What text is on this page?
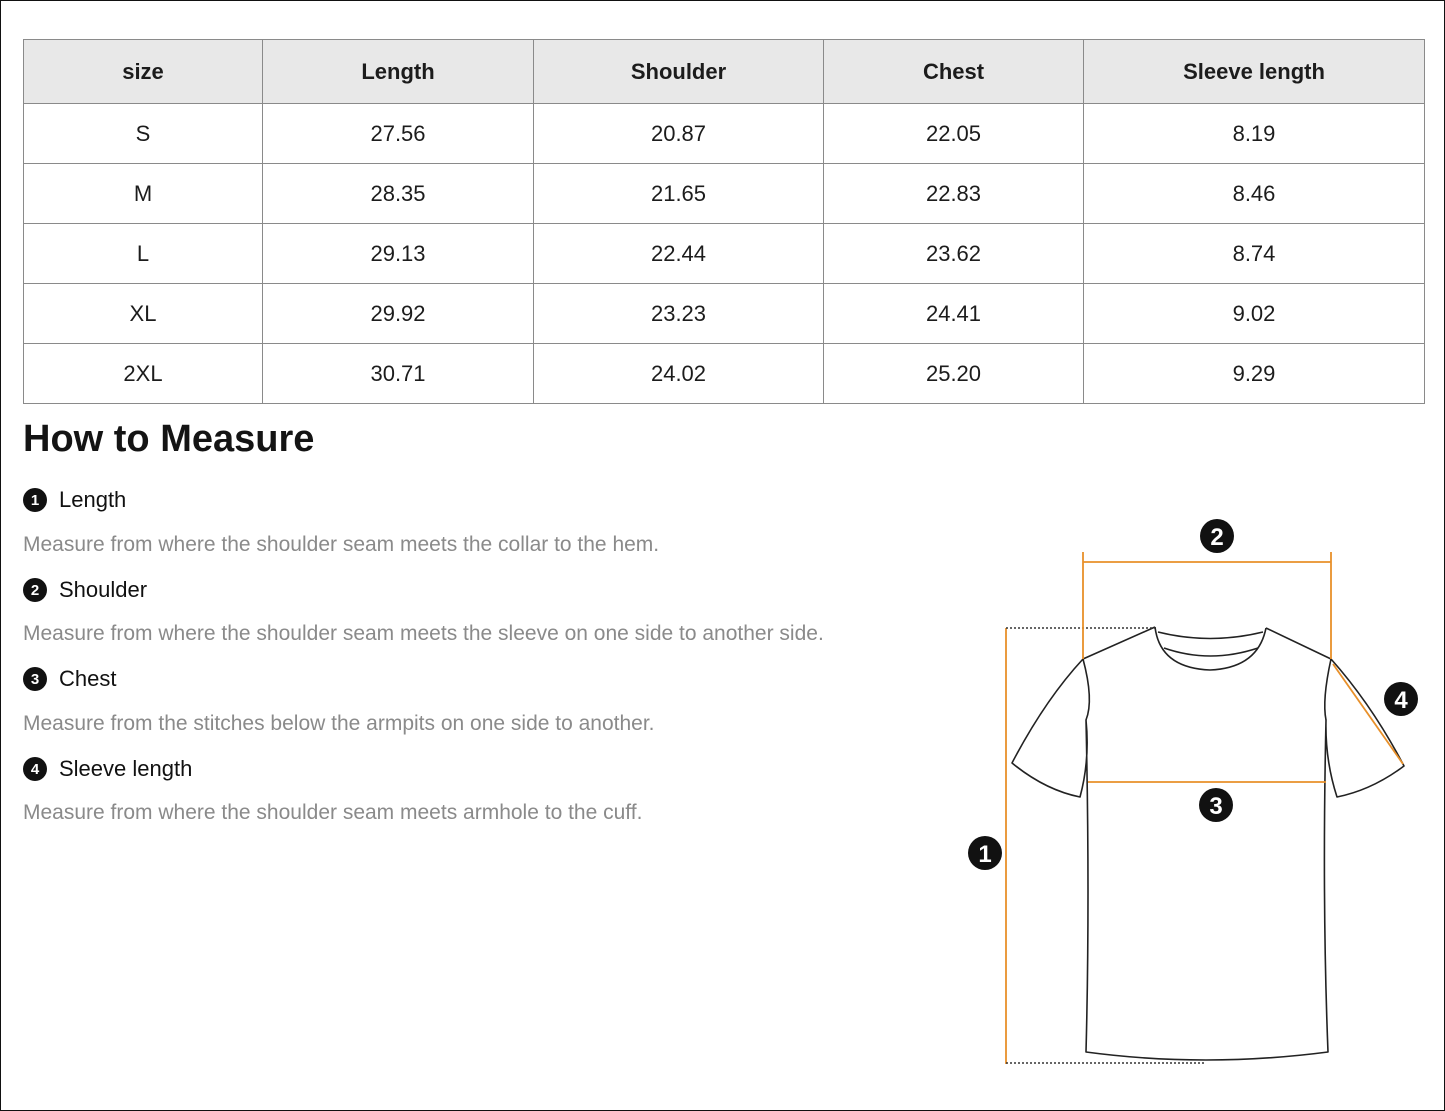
size	Length	Shoulder	Chest	Sleeve length
S	27.56	20.87	22.05	8.19
M	28.35	21.65	22.83	8.46
L	29.13	22.44	23.62	8.74
XL	29.92	23.23	24.41	9.02
2XL	30.71	24.02	25.20	9.29
How to Measure
1 Length
Measure from where the shoulder seam meets the collar to the hem.
2 Shoulder
Measure from where the shoulder seam meets the sleeve on one side to another side.
3 Chest
Measure from the stitches below the armpits on one side to another.
4 Sleeve length
Measure from where the shoulder seam meets armhole to the cuff.
1
2
3
4
